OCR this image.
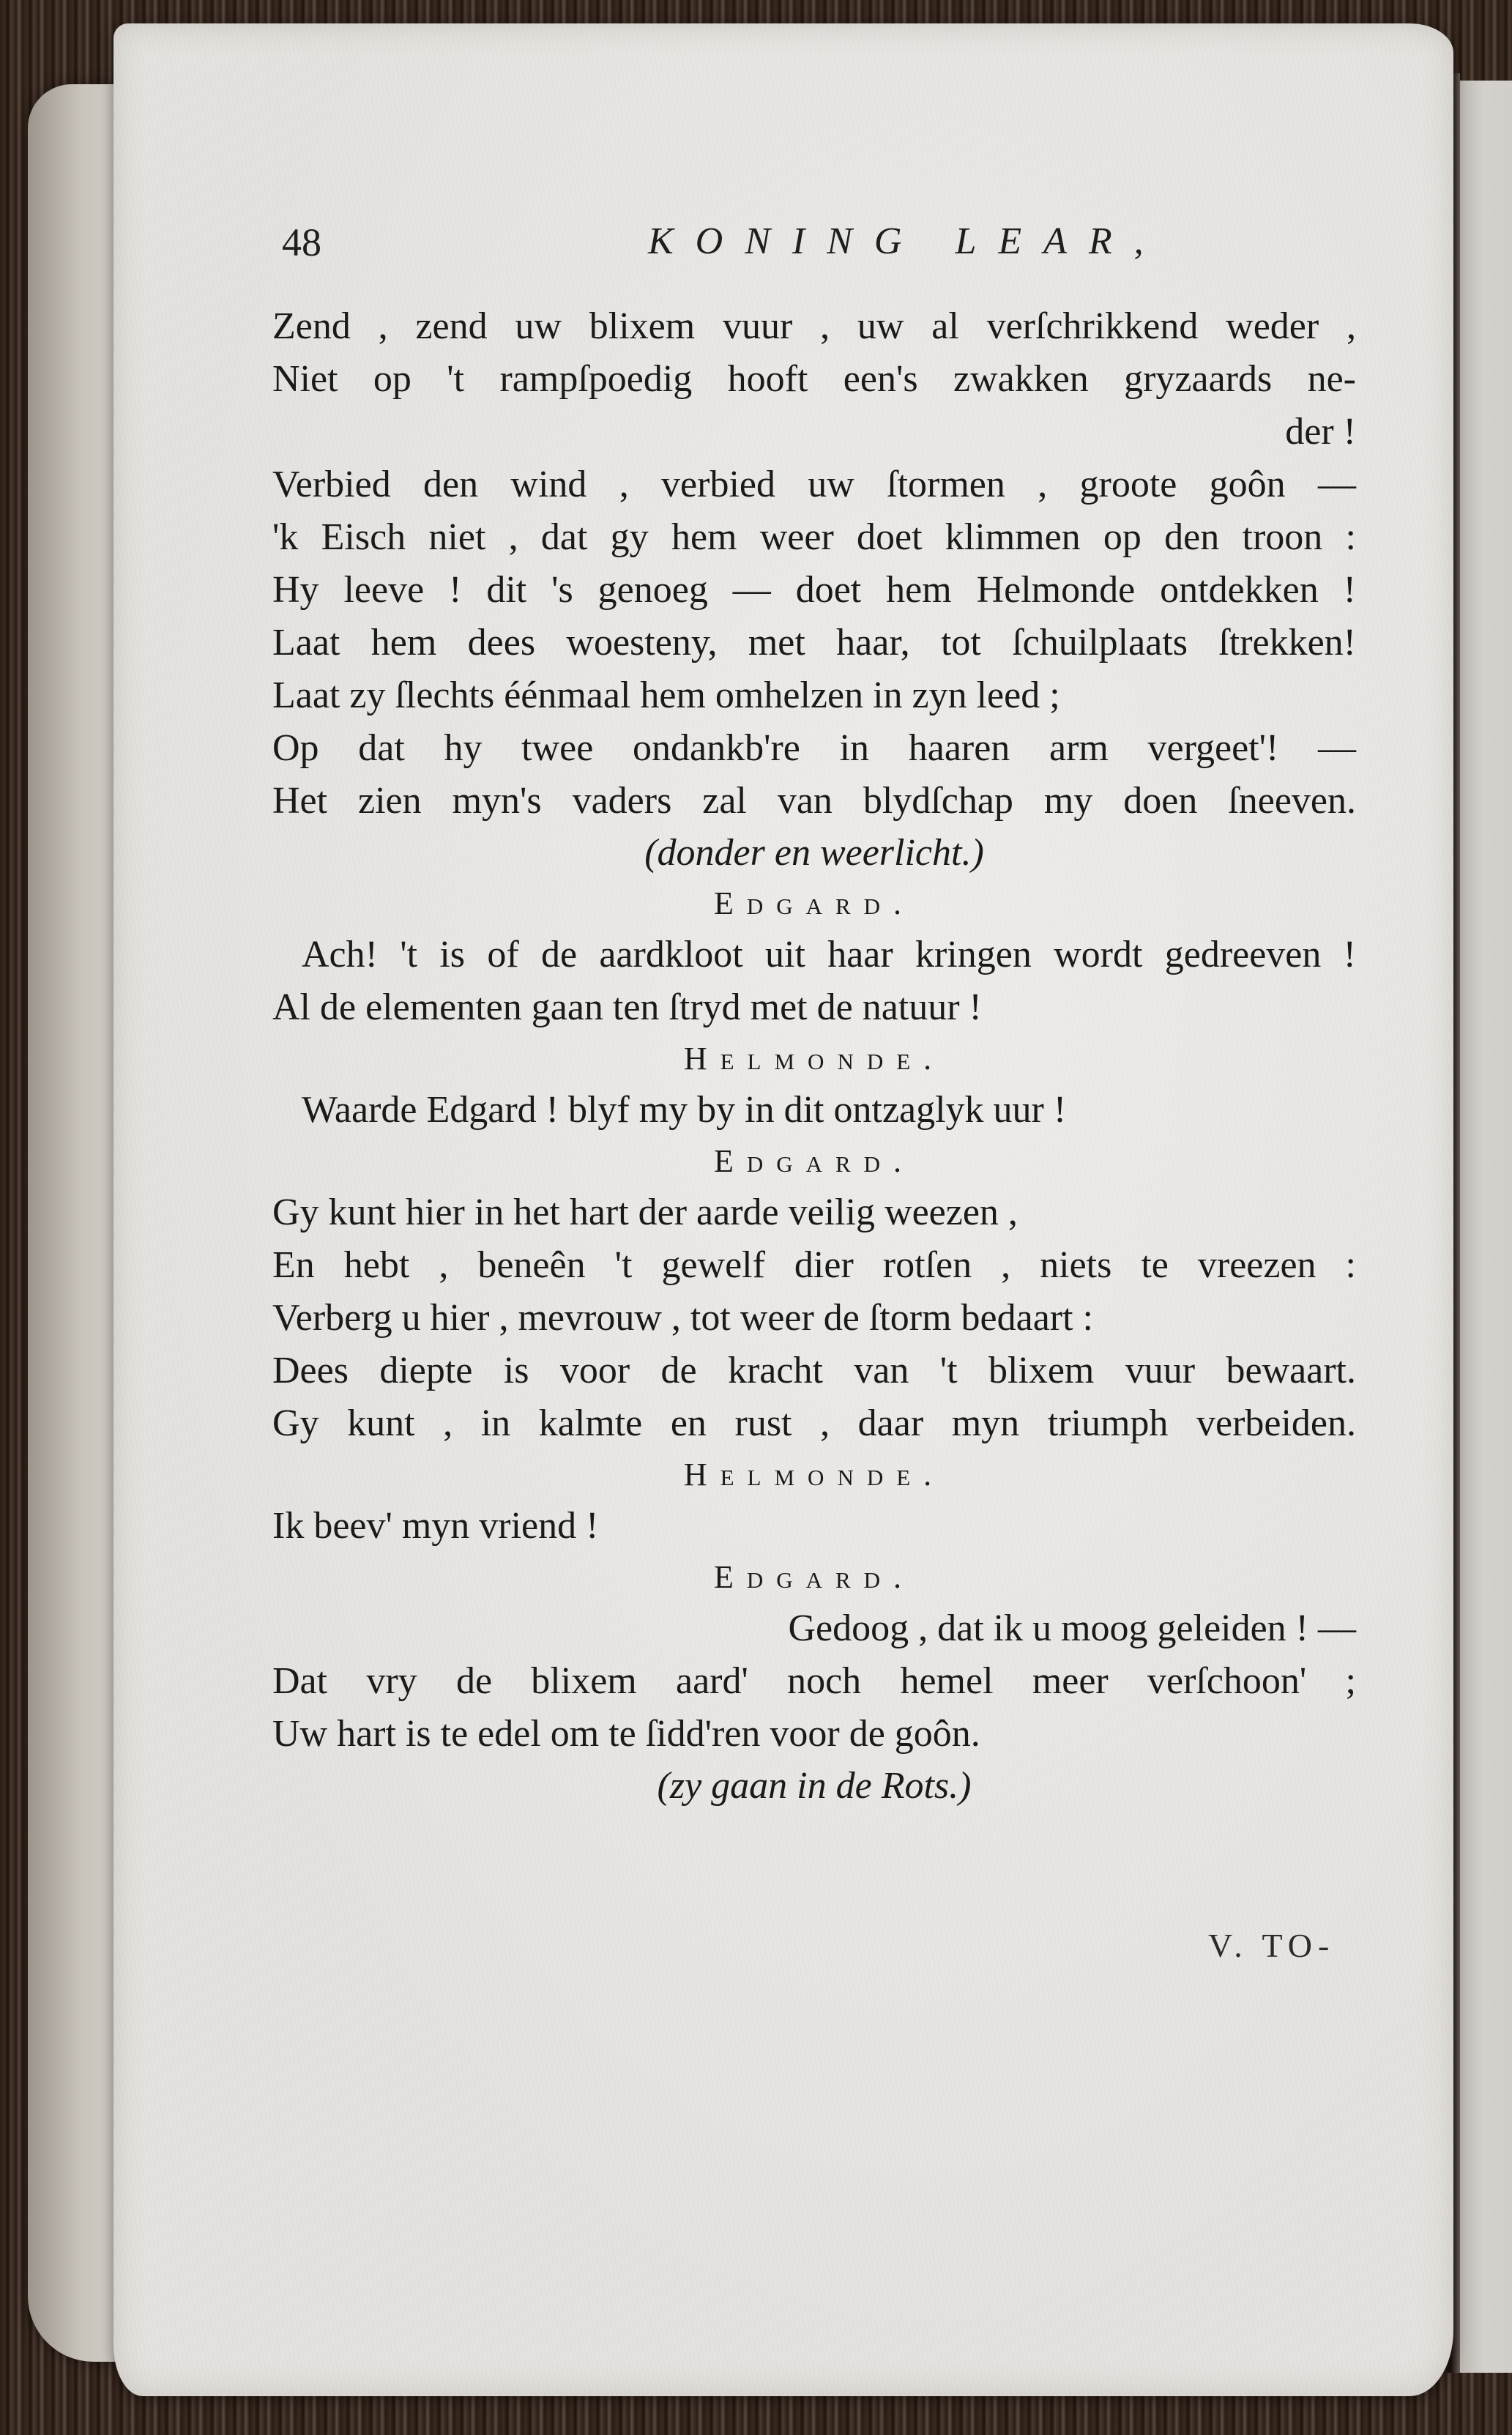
48	KONING LEAR,
Zend , zend uw blixem vuur , uw al verſchrikkend weder ,
Niet op 't rampſpoedig hooft een's zwakken gryzaards ne-
der !
Verbied den wind , verbied uw ſtormen , groote goôn —
'k Eisch niet , dat gy hem weer doet klimmen op den troon :
Hy leeve ! dit 's genoeg — doet hem Helmonde ontdekken !
Laat hem dees woesteny, met haar, tot ſchuilplaats ſtrekken!
Laat zy ſlechts éénmaal hem omhelzen in zyn leed ;
Op dat hy twee ondankb're in haaren arm vergeet'! —
Het zien myn's vaders zal van blydſchap my doen ſneeven.
(donder en weerlicht.)
Edgard.
Ach! 't is of de aardkloot uit haar kringen wordt gedreeven !
Al de elementen gaan ten ſtryd met de natuur !
Helmonde.
Waarde Edgard ! blyf my by in dit ontzaglyk uur !
Edgard.
Gy kunt hier in het hart der aarde veilig weezen ,
En hebt , beneên 't gewelf dier rotſen , niets te vreezen :
Verberg u hier , mevrouw , tot weer de ſtorm bedaart :
Dees diepte is voor de kracht van 't blixem vuur bewaart.
Gy kunt , in kalmte en rust , daar myn triumph verbeiden.
Helmonde.
Ik beev' myn vriend !
Edgard.
Gedoog , dat ik u moog geleiden ! —
Dat vry de blixem aard' noch hemel meer verſchoon' ;
Uw hart is te edel om te ſidd'ren voor de goôn.
(zy gaan in de Rots.)
V. TO-
